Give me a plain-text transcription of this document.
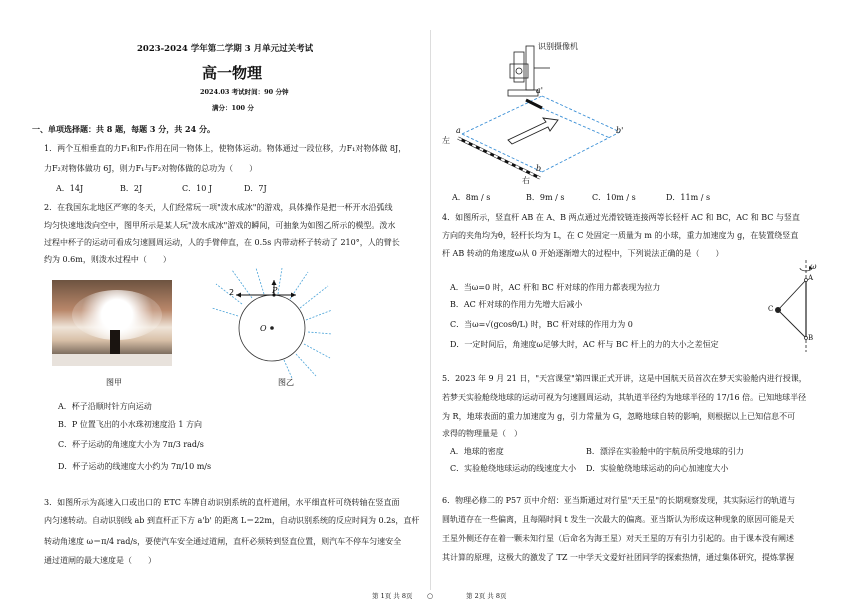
2023-2024 学年第二学期 3 月单元过关考试
高一物理
2024.03 考试时间：90 分钟
满分：100 分
一、单项选择题：共 8 题，每题 3 分，共 24 分。
1．两个互相垂直的力F₁和F₂作用在同一物体上，使物体运动。物体通过一段位移，力F₁对物体做 8J，
力F₂对物体做功 6J，则力F₁与F₂对物体做的总功为（　　）
A．14J	B．2J	C．10 J	D．7J
2．在我国东北地区严寒的冬天，人们经常玩一项"泼水成冰"的游戏，具体操作是把一杯开水沿弧线
均匀快速地泼向空中，图甲所示是某人玩"泼水成冰"游戏的瞬间，可抽象为如图乙所示的模型。泼水
过程中杯子的运动可看成匀速圆周运动，人的手臂伸直，在 0.5s 内带动杯子转动了 210°，人的臂长
约为 0.6m，则泼水过程中（　　）
图甲
2	P
O
图乙
A．杯子沿顺时针方向运动
B．P 位置飞出的小水珠初速度沿 1 方向
C．杯子运动的角速度大小为 7π/3 rad/s
D．杯子运动的线速度大小约为 7π/10 m/s
3．如图所示为高速入口或出口的 ETC 车牌自动识别系统的直杆道闸，水平细直杆可绕转轴在竖直面
内匀速转动。自动识别线 ab 到直杆正下方 a'b' 的距离 L＝22m，自动识别系统的反应时间为 0.2s，直杆
转动角速度 ω＝π/4 rad/s，要使汽车安全通过道闸，直杆必须转到竖直位置，则汽车不停车匀速安全
通过道闸的最大速度是（　　）
识别摄像机
左
右
a
b
a'
b'
A．8m / s	B．9m / s	C．10m / s	D．11m / s
4．如图所示，竖直杆 AB 在 A、B 两点通过光滑铰链连接两等长轻杆 AC 和 BC，AC 和 BC 与竖直
方向的夹角均为θ，轻杆长均为 L，在 C 处固定一质量为 m 的小球，重力加速度为 g，在装置绕竖直
杆 AB 转动的角速度ω从 0 开始逐渐增大的过程中，下列说法正确的是（　　）
ω
A
B
C
A．当ω=0 时，AC 杆和 BC 杆对球的作用力都表现为拉力
B．AC 杆对球的作用力先增大后减小
C．当ω=√(gcosθ/L) 时，BC 杆对球的作用力为 0
D．一定时间后，角速度ω足够大时，AC 杆与 BC 杆上的力的大小之差恒定
5．2023 年 9 月 21 日，"天宫课堂"第四课正式开讲，这是中国航天员首次在梦天实验舱内进行授课，
若梦天实验舱绕地球的运动可视为匀速圆周运动，其轨道半径约为地球半径的 17/16 倍。已知地球半径
为 R，地球表面的重力加速度为 g，引力常量为 G，忽略地球自转的影响，则根据以上已知信息不可
求得的物理量是（　）
A．地球的密度	B．漂浮在实验舱中的宇航员所受地球的引力
C．实验舱绕地球运动的线速度大小 D．实验舱绕地球运动的向心加速度大小
6．物理必修二的 P57 页中介绍：亚当斯通过对行星"天王星"的长期观察发现，其实际运行的轨道与
圆轨道存在一些偏离，且每隔时间 t 发生一次最大的偏离。亚当斯认为形成这种现象的原因可能是天
王星外侧还存在着一颗未知行星（后命名为海王星）对天王星的万有引力引起的。由于课本没有阐述
其计算的原理，这极大的激发了 TZ 一中学天文爱好社团同学的探索热情，通过集体研究，提炼掌握
第 1页 共 8页 ○	第 2页 共 8页
